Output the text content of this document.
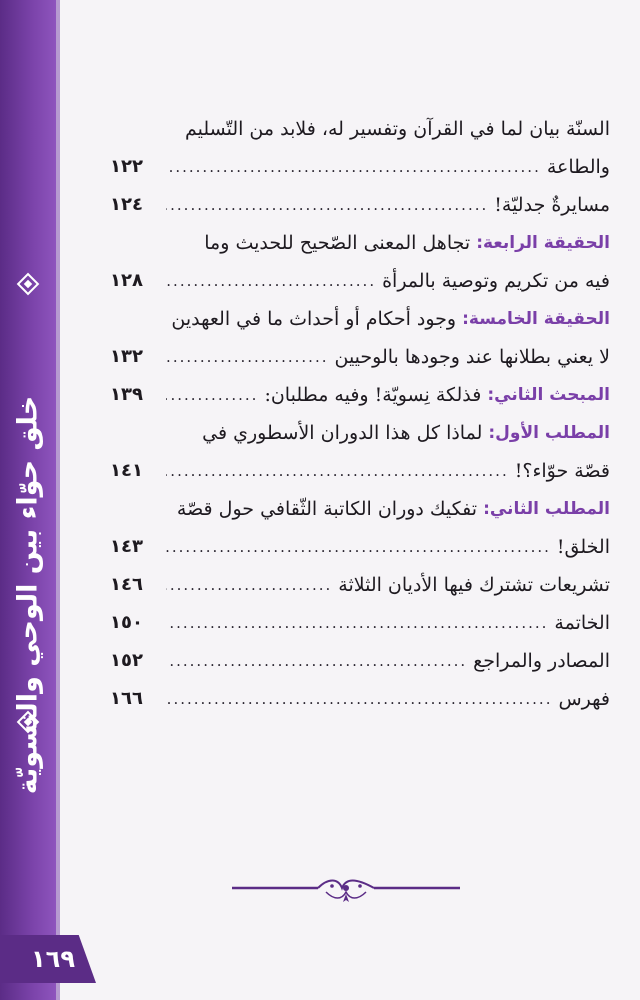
خلق حوّاء بين الوحي والنسويّة
١٦٩
السنّة بيان لما في القرآن وتفسير له، فلابد من التّسليم
والطاعة
.....
١٢٢
مسايرةٌ جدليّة!
.....
١٢٤
الحقيقة الرابعة:
تجاهل المعنى الصّحيح للحديث وما
فيه من تكريم وتوصية بالمرأة
.....
١٢٨
الحقيقة الخامسة:
وجود أحكام أو أحداث ما في العهدين
لا يعني بطلانها عند وجودها بالوحيين
.....
١٣٢
المبحث الثاني:
فذلكة نِسويّة! وفيه مطلبان:
.....
١٣٩
المطلب الأول:
لماذا كل هذا الدوران الأسطوري في
قصّة حوّاء؟!
.....
١٤١
المطلب الثاني:
تفكيك دوران الكاتبة الثّقافي حول قصّة
الخلق!
.....
١٤٣
تشريعات تشترك فيها الأديان الثلاثة
.....
١٤٦
الخاتمة
.....
١٥٠
المصادر والمراجع
.....
١٥٢
فهرس
.....
١٦٦
